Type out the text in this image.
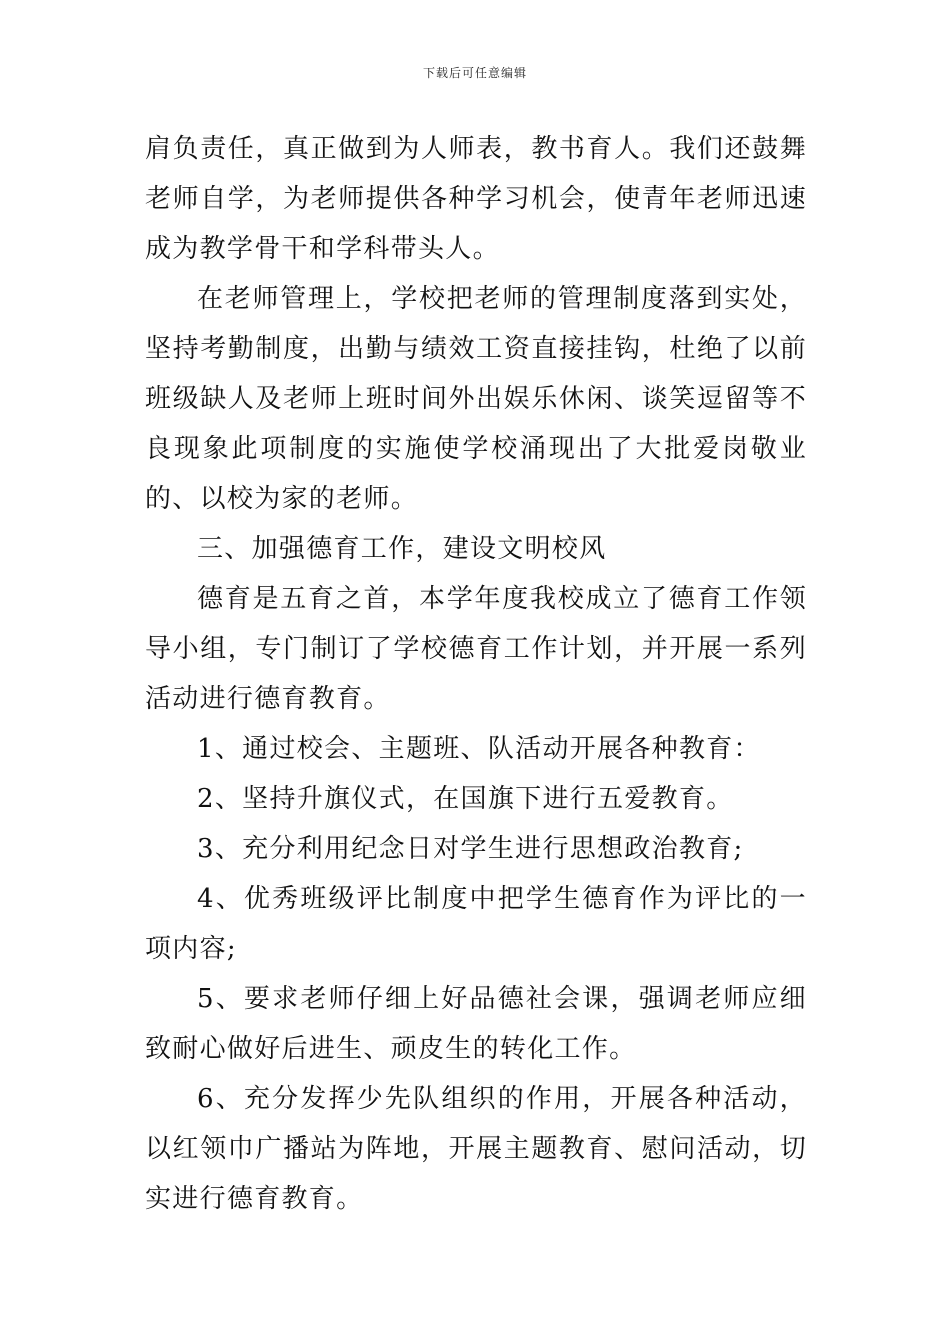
下载后可任意编辑

肩负责任，真正做到为人师表，教书育人。我们还鼓舞老师自学，为老师提供各种学习机会，使青年老师迅速成为教学骨干和学科带头人。

在老师管理上，学校把老师的管理制度落到实处，坚持考勤制度，出勤与绩效工资直接挂钩，杜绝了以前班级缺人及老师上班时间外出娱乐休闲、谈笑逗留等不良现象此项制度的实施使学校涌现出了大批爱岗敬业的、以校为家的老师。

三、加强德育工作，建设文明校风

德育是五育之首，本学年度我校成立了德育工作领导小组，专门制订了学校德育工作计划，并开展一系列活动进行德育教育。

1、通过校会、主题班、队活动开展各种教育：

2、坚持升旗仪式，在国旗下进行五爱教育。

3、充分利用纪念日对学生进行思想政治教育;

4、优秀班级评比制度中把学生德育作为评比的一项内容;

5、要求老师仔细上好品德社会课，强调老师应细致耐心做好后进生、顽皮生的转化工作。

6、充分发挥少先队组织的作用，开展各种活动，以红领巾广播站为阵地，开展主题教育、慰问活动，切实进行德育教育。
